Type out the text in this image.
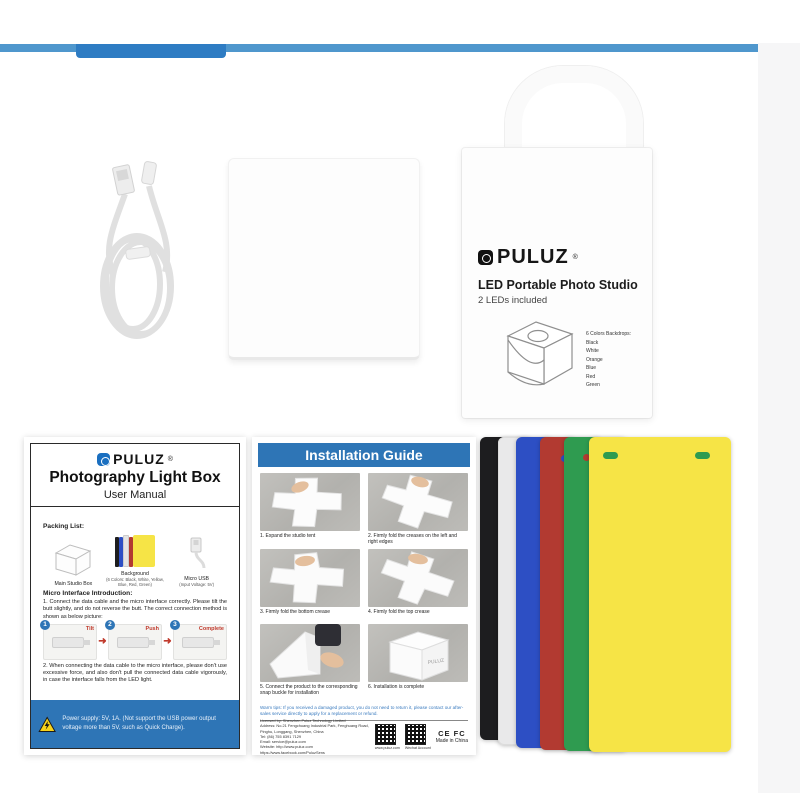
PULUZ ®
LED Portable Photo Studio
2 LEDs included
6 Colors Backdrops:
Black
White
Orange
Blue
Red
Green
PULUZ ®
Photography Light Box
User Manual
Packing List:
Main Studio Box
Background
(6 Colors: Black, White, Yellow, Blue, Red, Green)
Micro USB
(Input Voltage: 5V)
Micro Interface Introduction:
1. Connect the data cable and the micro interface correctly. Please tilt the butt slightly, and do not reverse the butt. The correct connection method is shown as below picture:
1
Tilt
➜
2
Push
➜
3
Complete
2. When connecting the data cable to the micro interface, please don't use excessive force, and also don't pull the connected data cable vigorously, in case the interface falls from the LED light.
Power supply: 5V, 1A. (Not support the USB power output voltage more than 5V, such as Quick Charge).
Installation Guide
1. Expand the studio tent	2. Firmly fold the creases on the left and right edges
3. Firmly fold the bottom crease	4. Firmly fold the top crease
PULUZ
5. Connect the product to the corresponding snap buckle for installation
6. Installation is complete
Warm tips: If you received a damaged product, you do not need to return it, please contact our after-sales service directly to apply for a replacement or refund.
Licensed by: Shenzhen Puluz Technology Limited
Address: No.21 Fengchuang Industrial Park, Fenghuang Road,
Pinghu, Longgang, Shenzhen, China
Tel: (86) 755 8391 7129
Email: service@puluz.com
Website: http://www.puluz.com
https://www.facebook.com/PuluzSens
www.puluz.com Wechat Account
CE FC
Made in China
